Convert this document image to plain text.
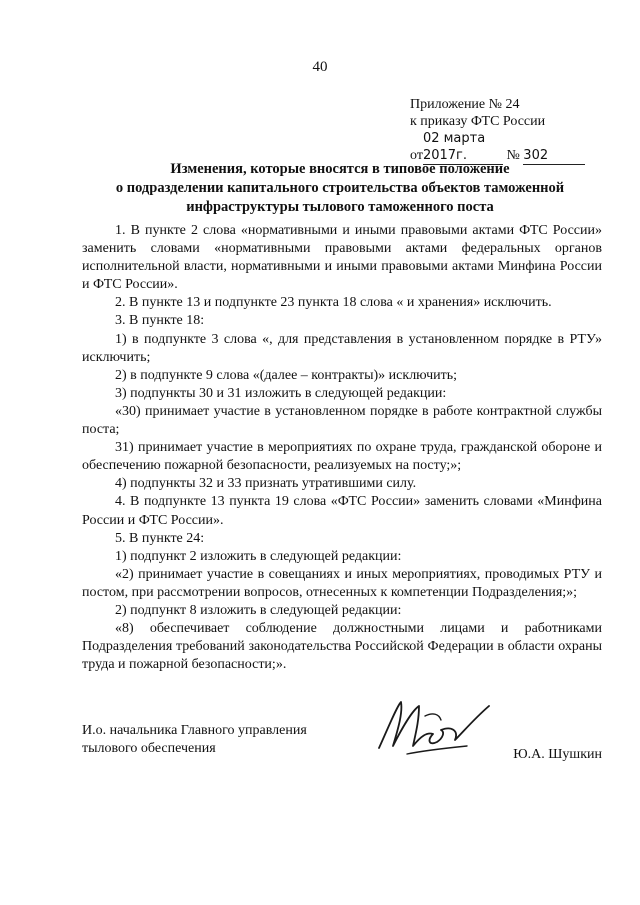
40
Приложение № 24
к приказу ФТС России
от02 марта 2017г.	№ 302
Изменения, которые вносятся в типовое положение
о подразделении капитального строительства объектов таможенной
инфраструктуры тылового таможенного поста

1. В пункте 2 слова «нормативными и иными правовыми актами ФТС России» заменить словами «нормативными правовыми актами федеральных органов исполнительной власти, нормативными и иными правовыми актами Минфина России и ФТС России».

2. В пункте 13 и подпункте 23 пункта 18 слова « и хранения» исключить.

3. В пункте 18:

1) в подпункте 3 слова «, для представления в установленном порядке в РТУ» исключить;

2) в подпункте 9 слова «(далее – контракты)» исключить;

3) подпункты 30 и 31 изложить в следующей редакции:

«30) принимает участие в установленном порядке в работе контрактной службы поста;

31) принимает участие в мероприятиях по охране труда, гражданской обороне и обеспечению пожарной безопасности, реализуемых на посту;»;

4) подпункты 32 и 33 признать утратившими силу.

4. В подпункте 13 пункта 19 слова «ФТС России» заменить словами «Минфина России и ФТС России».

5. В пункте 24:

1) подпункт 2 изложить в следующей редакции:

«2) принимает участие в совещаниях и иных мероприятиях, проводимых РТУ и постом, при рассмотрении вопросов, отнесенных к компетенции Подразделения;»;

2) подпункт 8 изложить в следующей редакции:

«8) обеспечивает соблюдение должностными лицами и работниками Подразделения требований законодательства Российской Федерации в области охраны труда и пожарной безопасности;».

И.о. начальника Главного управления
тылового обеспечения	Ю.А. Шушкин
